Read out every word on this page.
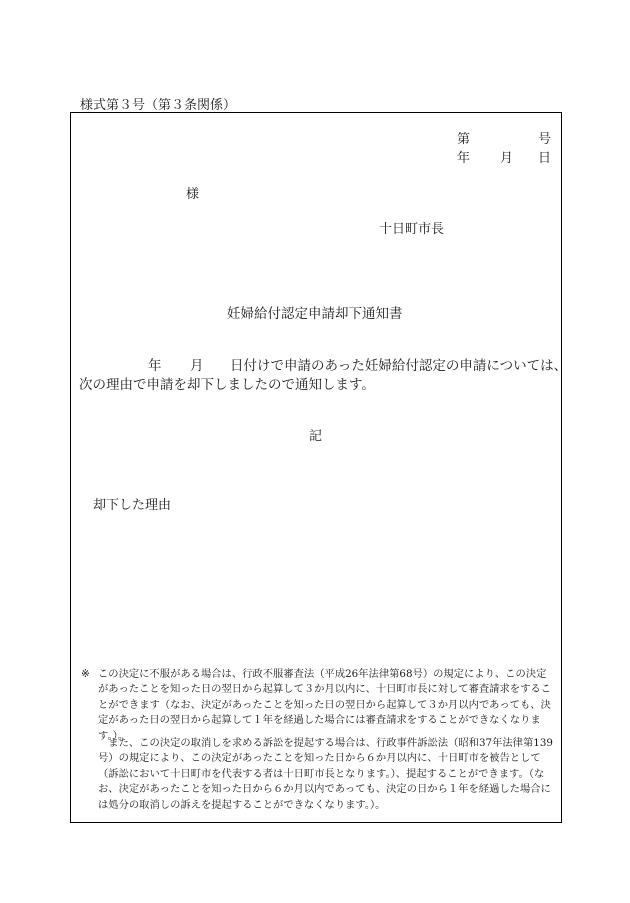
様式第３号（第３条関係）
第	号
年 月 日
様
十日町市長
妊婦給付認定申請却下通知書
年 月 日付けで申請のあった妊婦給付認定の申請については、
次の理由で申請を却下しましたので通知します。
記
却下した理由
※ この決定に不服がある場合は、行政不服審査法（平成26年法律第68号）の規定により、この決定があったことを知った日の翌日から起算して３か月以内に、十日町市長に対して審査請求をすることができます（なお、決定があったことを知った日の翌日から起算して３か月以内であっても、決定があった日の翌日から起算して１年を経過した場合には審査請求をすることができなくなります。）。
また、この決定の取消しを求める訴訟を提起する場合は、行政事件訴訟法（昭和37年法律第139号）の規定により、この決定があったことを知った日から６か月以内に、十日町市を被告として（訴訟において十日町市を代表する者は十日町市長となります。）、提起することができます。（なお、決定があったことを知った日から６か月以内であっても、決定の日から１年を経過した場合には処分の取消しの訴えを提起することができなくなります。）。
